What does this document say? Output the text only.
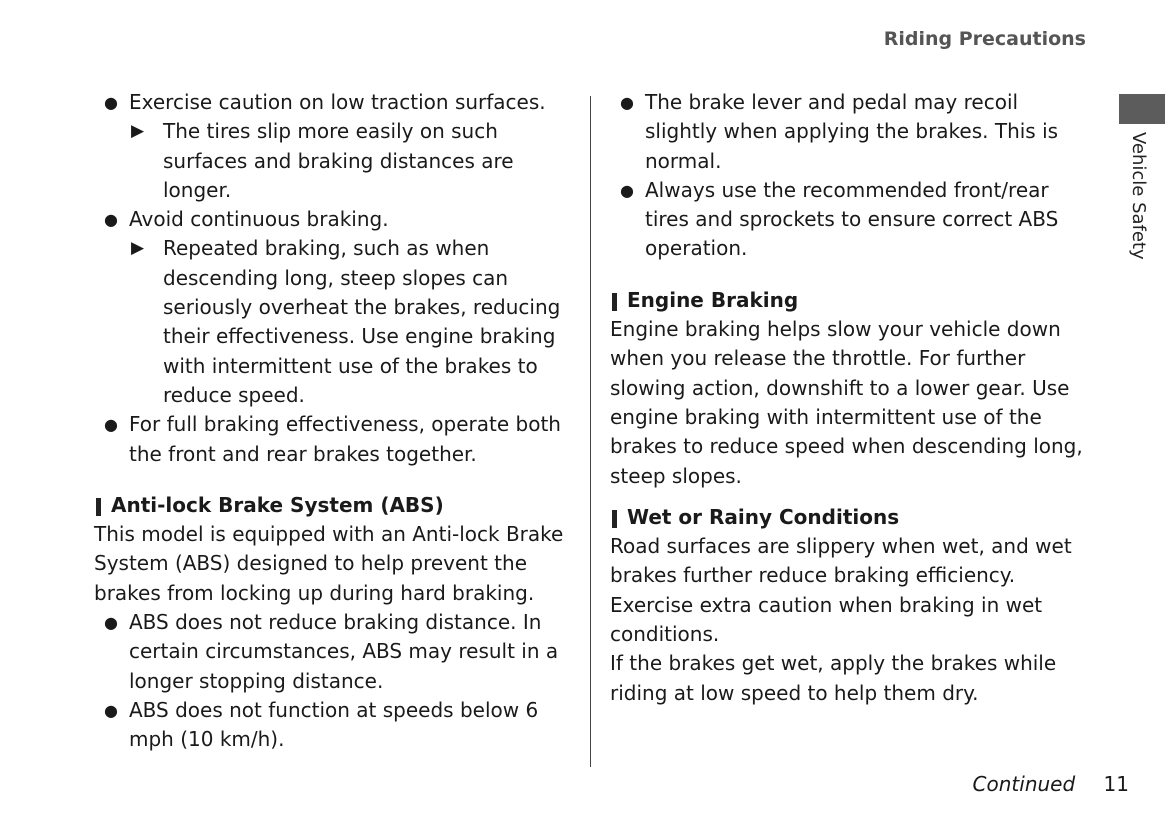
Riding Precautions
Vehicle Safety
● Exercise caution on low traction surfaces.
▶ The tires slip more easily on such surfaces and braking distances are longer.
● Avoid continuous braking.
▶ Repeated braking, such as when descending long, steep slopes can seriously overheat the brakes, reducing their effectiveness. Use engine braking with intermittent use of the brakes to reduce speed.
● For full braking effectiveness, operate both the front and rear brakes together.
Anti-lock Brake System (ABS)
This model is equipped with an Anti-lock Brake System (ABS) designed to help prevent the brakes from locking up during hard braking.
● ABS does not reduce braking distance. In certain circumstances, ABS may result in a longer stopping distance.
● ABS does not function at speeds below 6 mph (10 km/h).
● The brake lever and pedal may recoil slightly when applying the brakes. This is normal.
● Always use the recommended front/rear tires and sprockets to ensure correct ABS operation.
Engine Braking
Engine braking helps slow your vehicle down when you release the throttle. For further slowing action, downshift to a lower gear. Use engine braking with intermittent use of the brakes to reduce speed when descending long, steep slopes.
Wet or Rainy Conditions
Road surfaces are slippery when wet, and wet brakes further reduce braking efficiency. Exercise extra caution when braking in wet conditions.
If the brakes get wet, apply the brakes while riding at low speed to help them dry.
Continued 11
